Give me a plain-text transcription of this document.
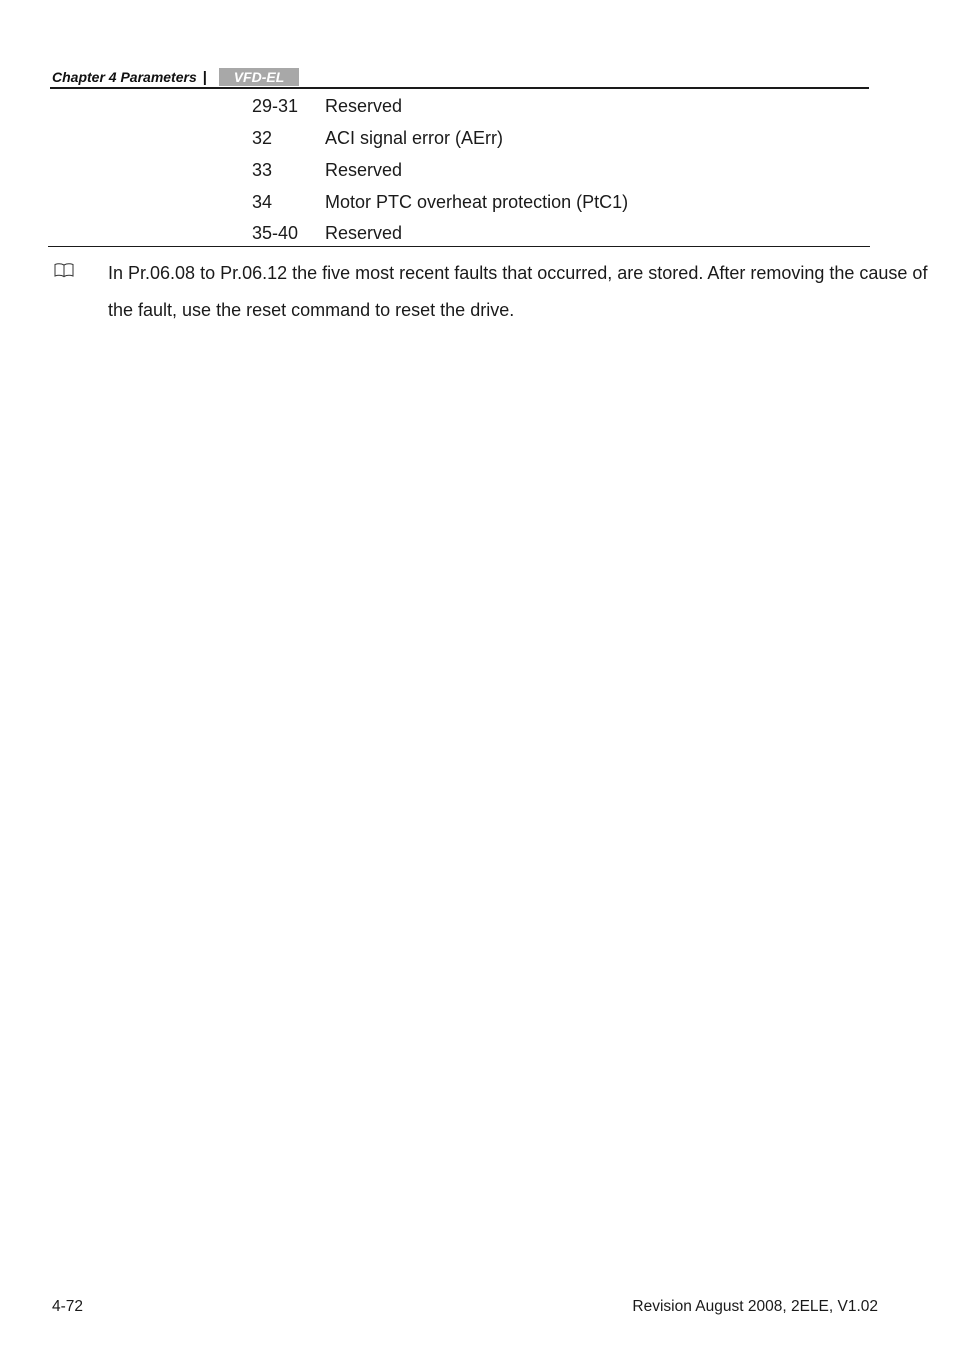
Chapter 4 Parameters | VFD-EL
29-31	Reserved
32	ACI signal error (AErr)
33	Reserved
34	Motor PTC overheat protection (PtC1)
35-40	Reserved

In Pr.06.08 to Pr.06.12 the five most recent faults that occurred, are stored. After removing the cause of the fault, use the reset command to reset the drive.

4-72	Revision August 2008, 2ELE, V1.02
